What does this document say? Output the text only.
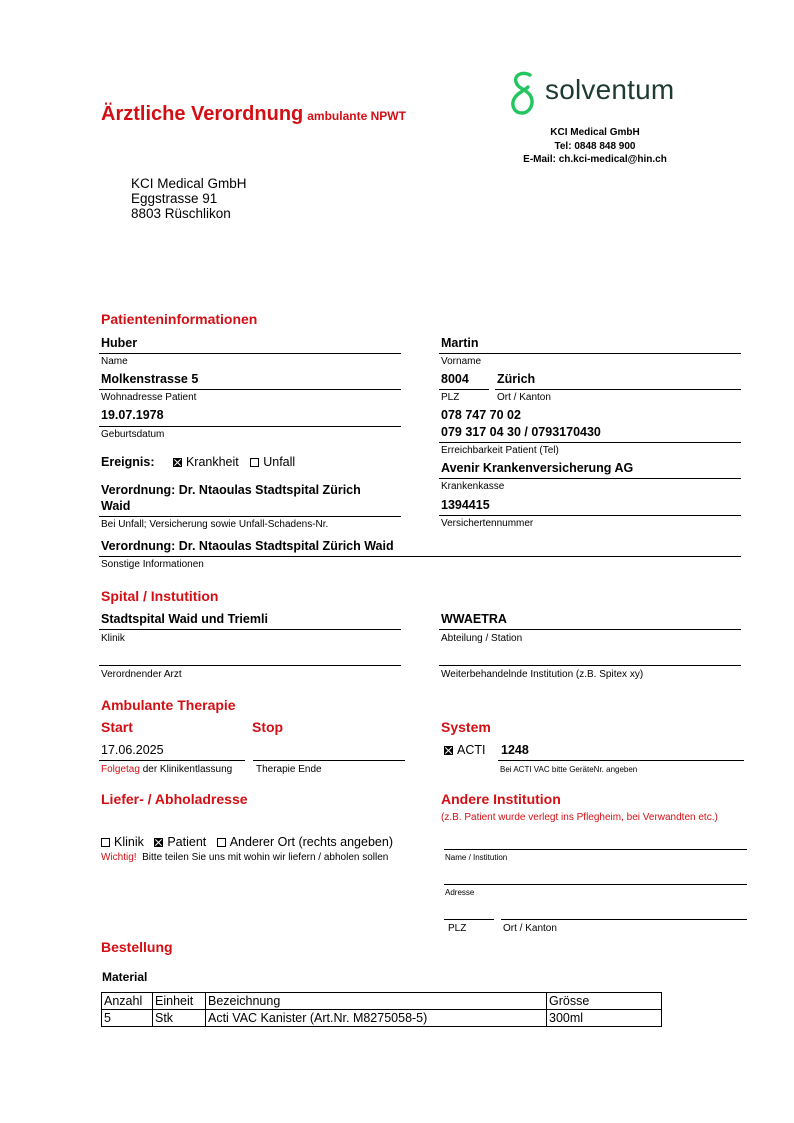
Ärztliche Verordnung ambulante NPWT
solventum
KCI Medical GmbH
Tel: 0848 848 900
E-Mail: ch.kci-medical@hin.ch
KCI Medical GmbH
Eggstrasse 91
8803 Rüschlikon
Patienteninformationen
Huber
Name
Martin
Vorname
Molkenstrasse 5
Wohnadresse Patient
8004
PLZ
Zürich
Ort / Kanton
19.07.1978
Geburtsdatum
078 747 70 02
079 317 04 30 / 0793170430
Erreichbarkeit Patient (Tel)
Ereignis:	Krankheit Unfall	Avenir Krankenversicherung AG
Krankenkasse
Verordnung: Dr. Ntaoulas Stadtspital Zürich
Waid
Bei Unfall; Versicherung sowie Unfall-Schadens-Nr.
1394415
Versichertennummer
Verordnung: Dr. Ntaoulas Stadtspital Zürich Waid
Sonstige Informationen
Spital / Instutition
Stadtspital Waid und Triemli
Klinik
WWAETRA
Abteilung / Station
Verordnender Arzt	Weiterbehandelnde Institution (z.B. Spitex xy)
Ambulante Therapie
Start	Stop	System
17.06.2025
Folgetag der Klinikentlassung Therapie Ende
ACTI 1248
Bei ACTI VAC bitte GeräteNr. angeben
Liefer- / Abholadresse
Klinik Patient Anderer Ort (rechts angeben)
Wichtig! Bitte teilen Sie uns mit wohin wir liefern / abholen sollen
Andere Institution
(z.B. Patient wurde verlegt ins Pflegheim, bei Verwandten etc.)
Name / Institution
Adresse
PLZ	Ort / Kanton
Bestellung
Material
Anzahl	Einheit	Bezeichnung	Grösse
5	Stk	Acti VAC Kanister (Art.Nr. M8275058-5)	300ml
